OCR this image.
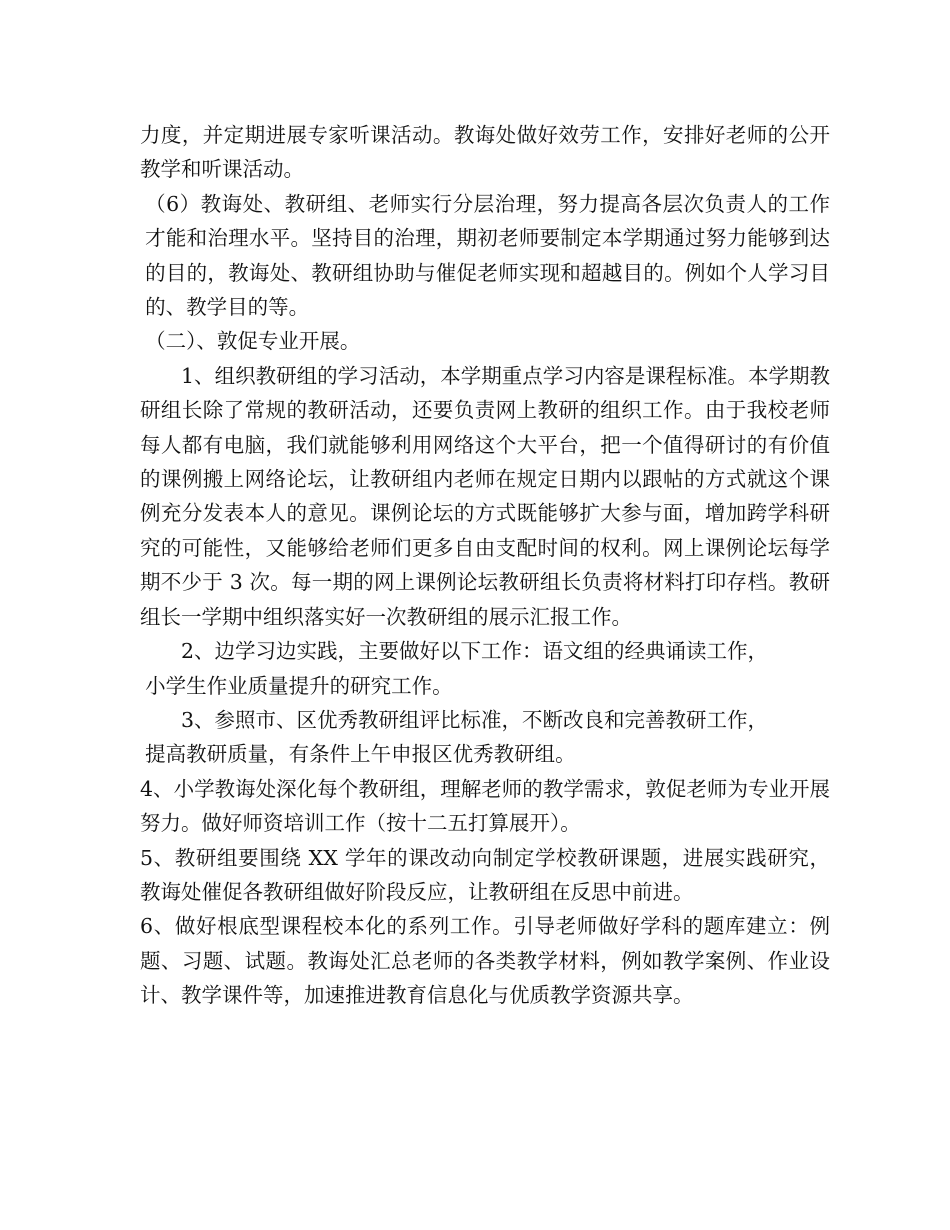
力度，并定期进展专家听课活动。教诲处做好效劳工作，安排好老师的公开教学和听课活动。

（6）教诲处、教研组、老师实行分层治理，努力提高各层次负责人的工作才能和治理水平。坚持目的治理，期初老师要制定本学期通过努力能够到达的目的，教诲处、教研组协助与催促老师实现和超越目的。例如个人学习目的、教学目的等。

（二）、敦促专业开展。

1、组织教研组的学习活动，本学期重点学习内容是课程标准。本学期教研组长除了常规的教研活动，还要负责网上教研的组织工作。由于我校老师每人都有电脑，我们就能够利用网络这个大平台，把一个值得研讨的有价值的课例搬上网络论坛，让教研组内老师在规定日期内以跟帖的方式就这个课例充分发表本人的意见。课例论坛的方式既能够扩大参与面，增加跨学科研究的可能性，又能够给老师们更多自由支配时间的权利。网上课例论坛每学期不少于 3 次。每一期的网上课例论坛教研组长负责将材料打印存档。教研组长一学期中组织落实好一次教研组的展示汇报工作。

2、边学习边实践，主要做好以下工作：语文组的经典诵读工作，

小学生作业质量提升的研究工作。

3、参照市、区优秀教研组评比标准，不断改良和完善教研工作，

提高教研质量，有条件上午申报区优秀教研组。

4、小学教诲处深化每个教研组，理解老师的教学需求，敦促老师为专业开展努力。做好师资培训工作（按十二五打算展开）。

5、教研组要围绕 XX 学年的课改动向制定学校教研课题，进展实践研究，教诲处催促各教研组做好阶段反应，让教研组在反思中前进。

6、做好根底型课程校本化的系列工作。引导老师做好学科的题库建立：例题、习题、试题。教诲处汇总老师的各类教学材料，例如教学案例、作业设计、教学课件等，加速推进教育信息化与优质教学资源共享。
